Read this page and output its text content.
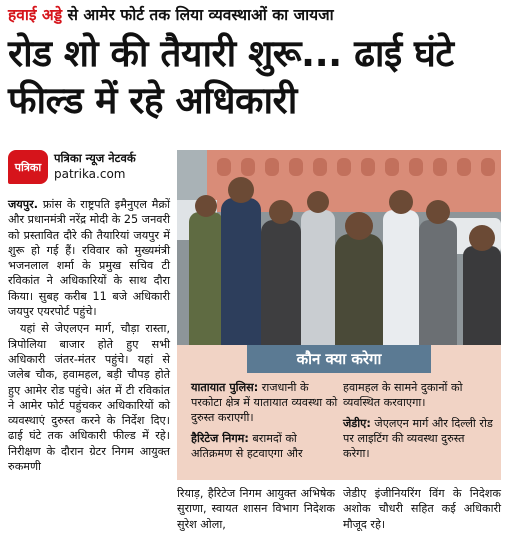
हवाई अड्डे से आमेर फोर्ट तक लिया व्यवस्थाओं का जायजा
रोड शो की तैयारी शुरू... ढाई घंटे फील्ड में रहे अधिकारी
पत्रिका
पत्रिका न्यूज नेटवर्क
patrika.com

जयपुर. फ्रांस के राष्ट्रपति इमैनुएल मैक्रों और प्रधानमंत्री नरेंद्र मोदी के 25 जनवरी को प्रस्तावित दौरे की तैयारियां जयपुर में शुरू हो गई हैं। रविवार को मुख्यमंत्री भजनलाल शर्मा के प्रमुख सचिव टी रविकांत ने अधिकारियों के साथ दौरा किया। सुबह करीब 11 बजे अधिकारी जयपुर एयरपोर्ट पहुंचे।

यहां से जेएलएन मार्ग, चौड़ा रास्ता, त्रिपोलिया बाजार होते हुए सभी अधिकारी जंतर-मंतर पहुंचे। यहां से जलेब चौक, हवामहल, बड़ी चौपड़ होते हुए आमेर रोड पहुंचे। अंत में टी रविकांत ने आमेर फोर्ट पहुंचकर अधिकारियों को व्यवस्थाएं दुरुस्त करने के निर्देश दिए। ढाई घंटे तक अधिकारी फील्ड में रहे। निरीक्षण के दौरान ग्रेटर निगम आयुक्त रुकमणी

कौन क्या करेगा
यातायात पुलिस: राजधानी के परकोटा क्षेत्र में यातायात व्यवस्था को दुरुस्त कराएगी।
हैरिटेज निगम: बरामदों को अतिक्रमण से हटवाएगा और
हवामहल के सामने दुकानों को व्यवस्थित करवाएगा।
जेडीए: जेएलएन मार्ग और दिल्ली रोड पर लाइटिंग की व्यवस्था दुरुस्त करेगा।
रियाड़, हैरिटेज निगम आयुक्त अभिषेक सुराणा, स्वायत शासन विभाग निदेशक सुरेश ओला,
जेडीए इंजीनियरिंग विंग के निदेशक अशोक चौधरी सहित कई अधिकारी मौजूद रहे।
